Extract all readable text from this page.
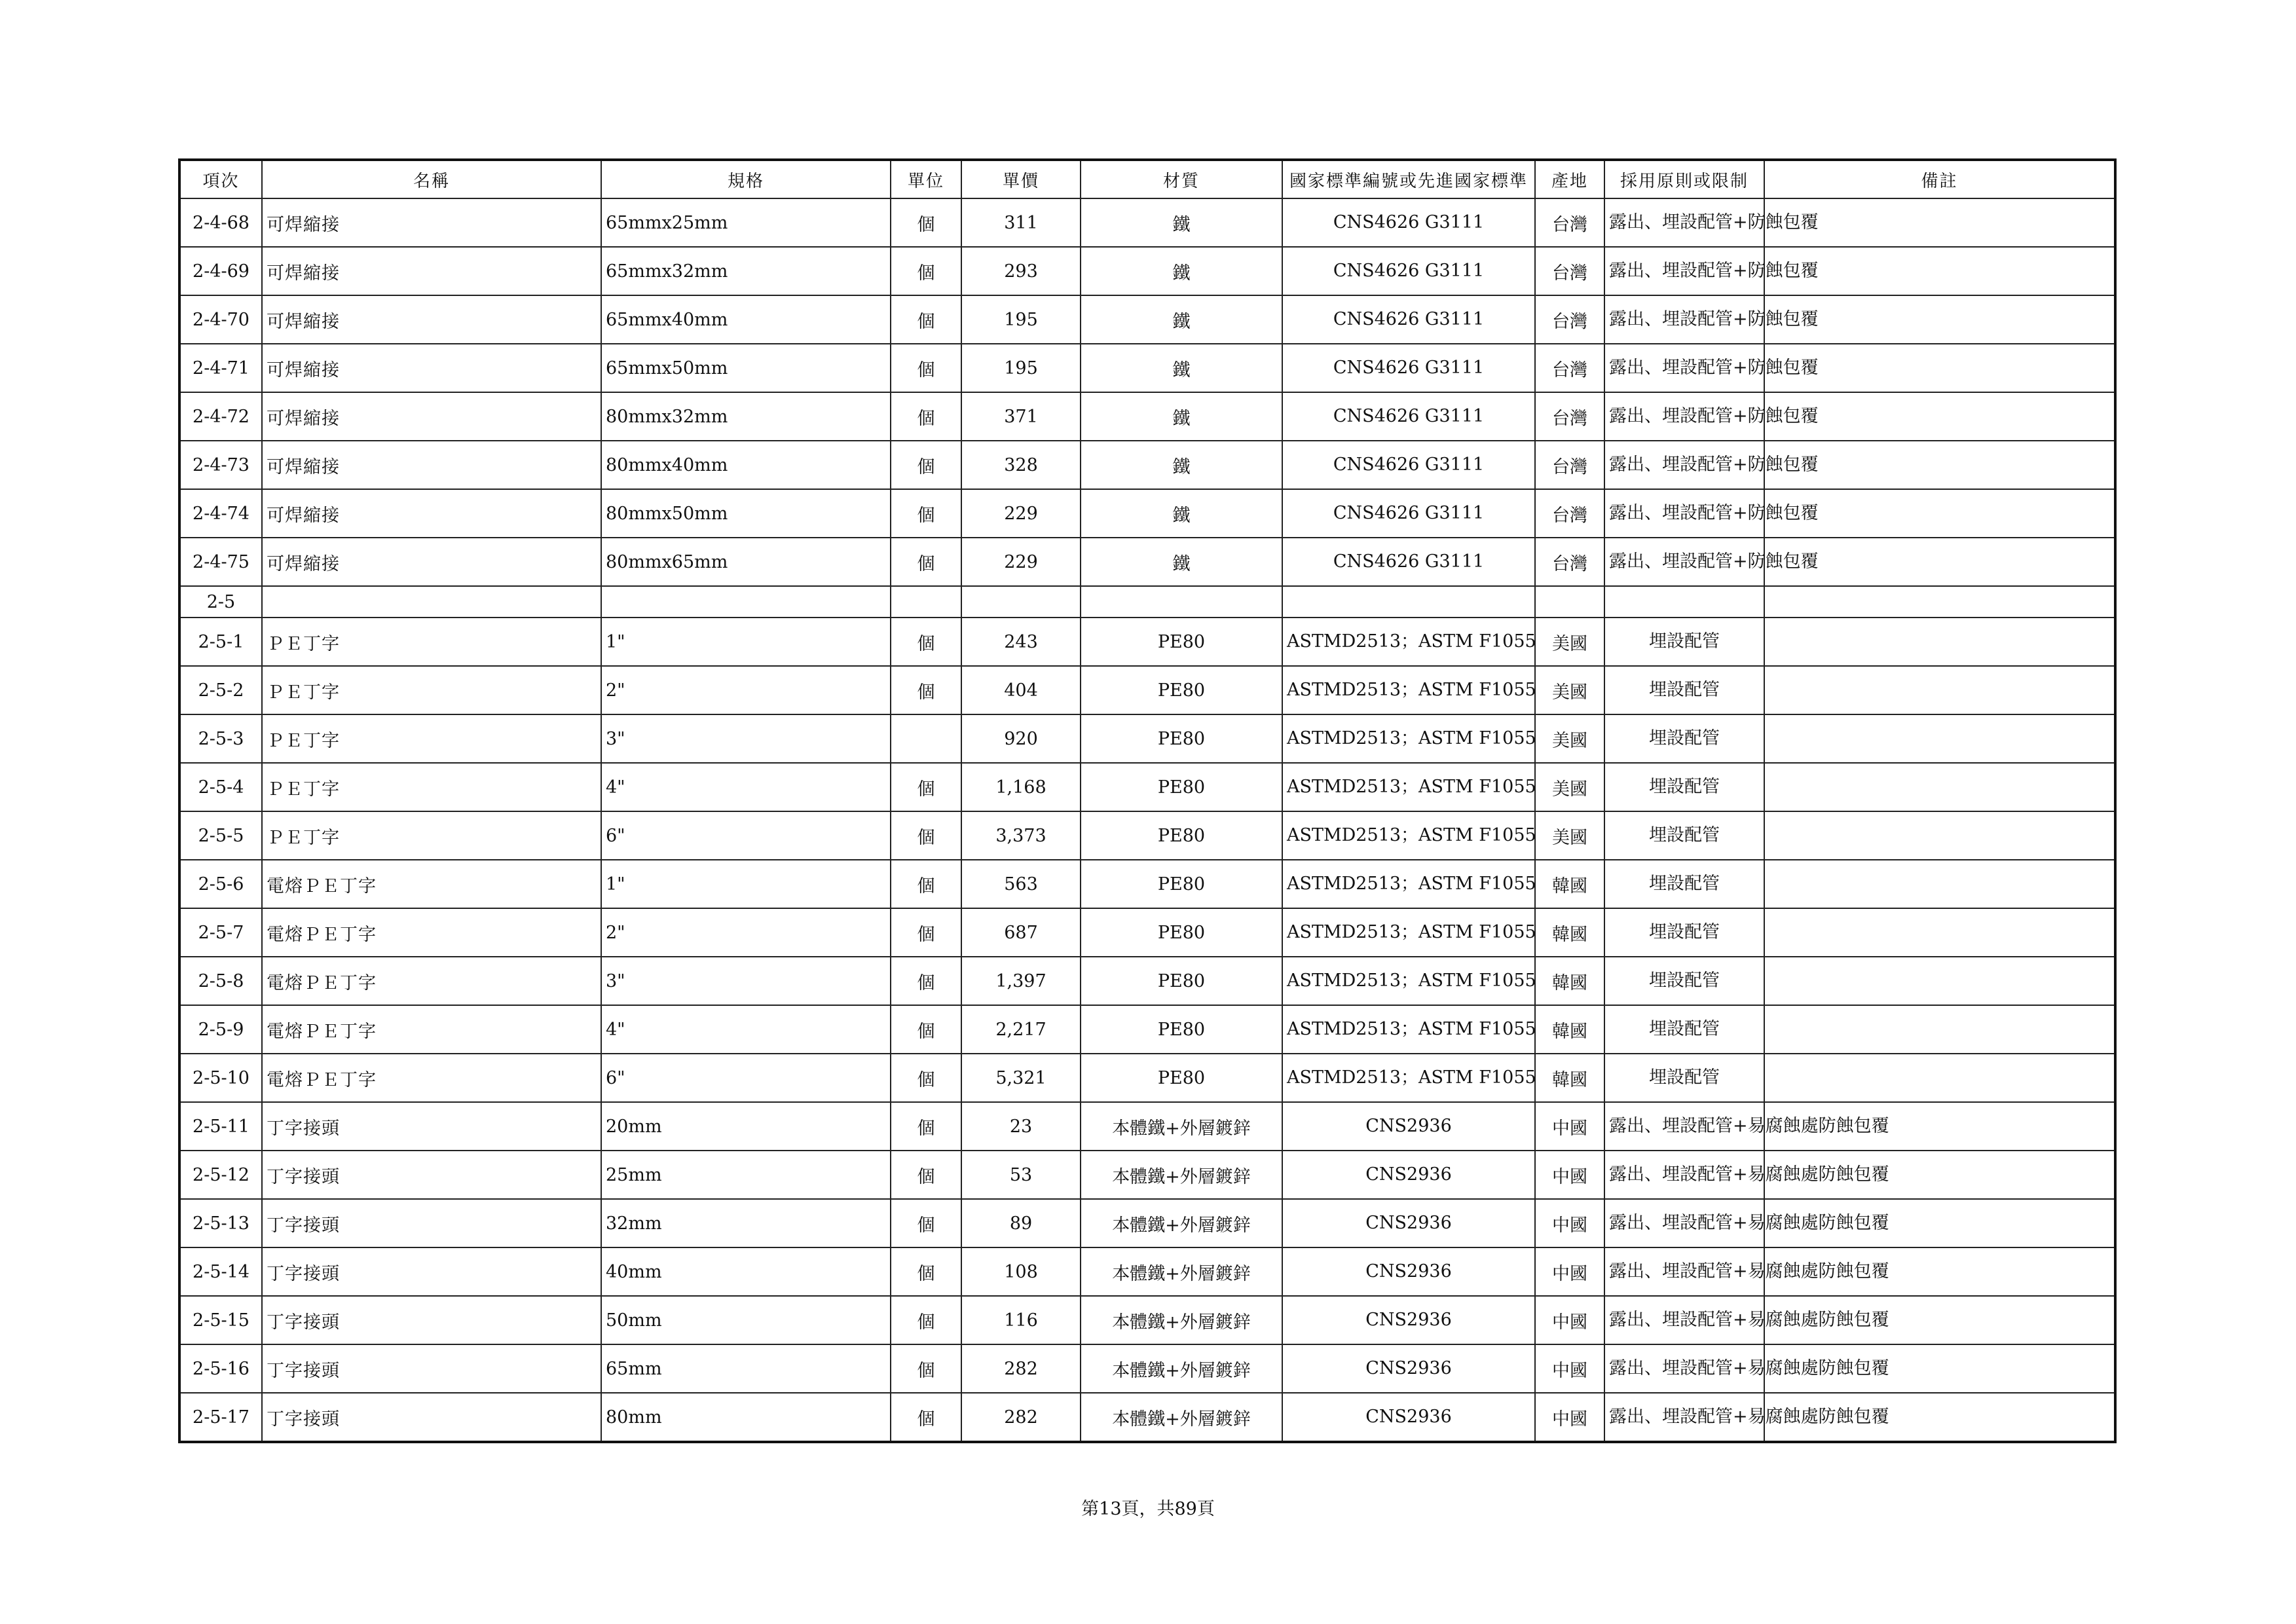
項次	名稱	規格	單位	單價	材質	國家標準編號或先進國家標準	產地	採用原則或限制	備註
2-4-68	可焊縮接	65mmx25mm	個	311	鐵	CNS4626 G3111	台灣	露出、埋設配管+防蝕包覆	
2-4-69	可焊縮接	65mmx32mm	個	293	鐵	CNS4626 G3111	台灣	露出、埋設配管+防蝕包覆	
2-4-70	可焊縮接	65mmx40mm	個	195	鐵	CNS4626 G3111	台灣	露出、埋設配管+防蝕包覆	
2-4-71	可焊縮接	65mmx50mm	個	195	鐵	CNS4626 G3111	台灣	露出、埋設配管+防蝕包覆	
2-4-72	可焊縮接	80mmx32mm	個	371	鐵	CNS4626 G3111	台灣	露出、埋設配管+防蝕包覆	
2-4-73	可焊縮接	80mmx40mm	個	328	鐵	CNS4626 G3111	台灣	露出、埋設配管+防蝕包覆	
2-4-74	可焊縮接	80mmx50mm	個	229	鐵	CNS4626 G3111	台灣	露出、埋設配管+防蝕包覆	
2-4-75	可焊縮接	80mmx65mm	個	229	鐵	CNS4626 G3111	台灣	露出、埋設配管+防蝕包覆	
2-5									
2-5-1	ＰＥ丁字	1"	個	243	PE80	ASTMD2513；ASTM F1055	美國	埋設配管	
2-5-2	ＰＥ丁字	2"	個	404	PE80	ASTMD2513；ASTM F1055	美國	埋設配管	
2-5-3	ＰＥ丁字	3"		920	PE80	ASTMD2513；ASTM F1055	美國	埋設配管	
2-5-4	ＰＥ丁字	4"	個	1,168	PE80	ASTMD2513；ASTM F1055	美國	埋設配管	
2-5-5	ＰＥ丁字	6"	個	3,373	PE80	ASTMD2513；ASTM F1055	美國	埋設配管	
2-5-6	電熔ＰＥ丁字	1"	個	563	PE80	ASTMD2513；ASTM F1055	韓國	埋設配管	
2-5-7	電熔ＰＥ丁字	2"	個	687	PE80	ASTMD2513；ASTM F1055	韓國	埋設配管	
2-5-8	電熔ＰＥ丁字	3"	個	1,397	PE80	ASTMD2513；ASTM F1055	韓國	埋設配管	
2-5-9	電熔ＰＥ丁字	4"	個	2,217	PE80	ASTMD2513；ASTM F1055	韓國	埋設配管	
2-5-10	電熔ＰＥ丁字	6"	個	5,321	PE80	ASTMD2513；ASTM F1055	韓國	埋設配管	
2-5-11	丁字接頭	20mm	個	23	本體鐵+外層鍍鋅	CNS2936	中國	露出、埋設配管+易腐蝕處防蝕包覆	
2-5-12	丁字接頭	25mm	個	53	本體鐵+外層鍍鋅	CNS2936	中國	露出、埋設配管+易腐蝕處防蝕包覆	
2-5-13	丁字接頭	32mm	個	89	本體鐵+外層鍍鋅	CNS2936	中國	露出、埋設配管+易腐蝕處防蝕包覆	
2-5-14	丁字接頭	40mm	個	108	本體鐵+外層鍍鋅	CNS2936	中國	露出、埋設配管+易腐蝕處防蝕包覆	
2-5-15	丁字接頭	50mm	個	116	本體鐵+外層鍍鋅	CNS2936	中國	露出、埋設配管+易腐蝕處防蝕包覆	
2-5-16	丁字接頭	65mm	個	282	本體鐵+外層鍍鋅	CNS2936	中國	露出、埋設配管+易腐蝕處防蝕包覆	
2-5-17	丁字接頭	80mm	個	282	本體鐵+外層鍍鋅	CNS2936	中國	露出、埋設配管+易腐蝕處防蝕包覆	
第13頁，共89頁
